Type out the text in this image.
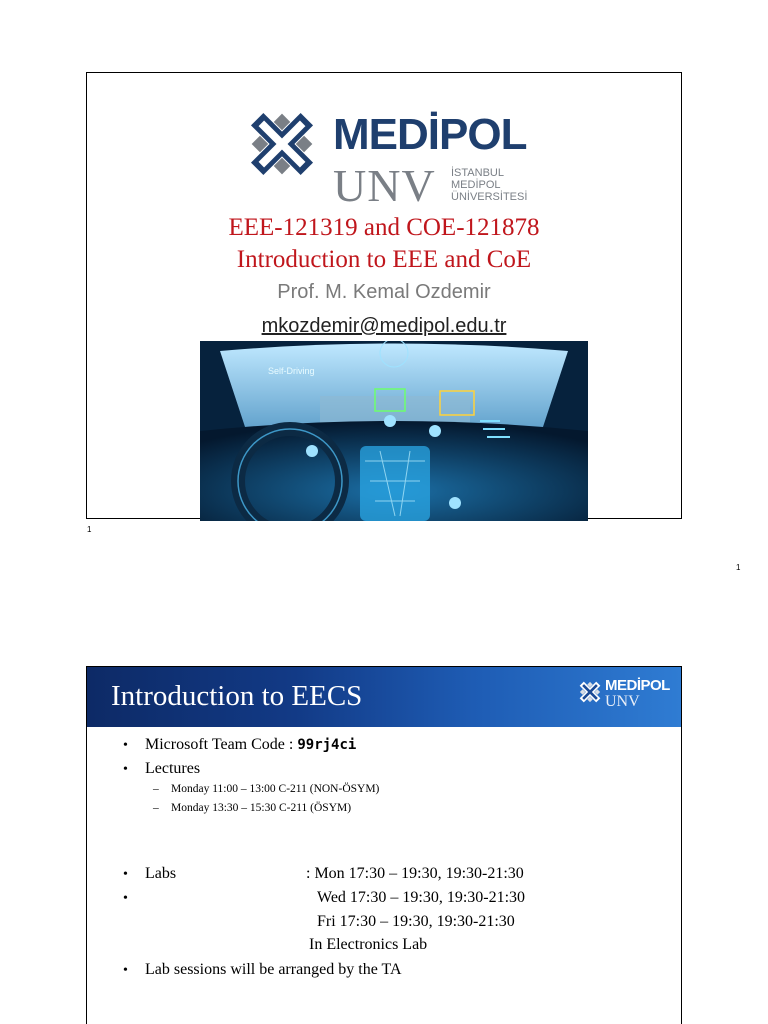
MEDİPOL
UNV İSTANBUL
MEDİPOL
ÜNİVERSİTESİ
EEE-121319 and COE-121878
Introduction to EEE and CoE
Prof. M. Kemal Ozdemir
mkozdemir@medipol.edu.tr
Self-Driving
1
1
Introduction to EECS	MEDİPOL
UNV
• Microsoft Team Code : 99rj4ci
• Lectures
– Monday 11:00 – 13:00 C-211 (NON-ÖSYM)
– Monday 13:30 – 15:30 C-211 (ÖSYM)
• Labs	: Mon 17:30 – 19:30, 19:30-21:30
•	Wed 17:30 – 19:30, 19:30-21:30
Fri 17:30 – 19:30, 19:30-21:30
In Electronics Lab
• Lab sessions will be arranged by the TA
